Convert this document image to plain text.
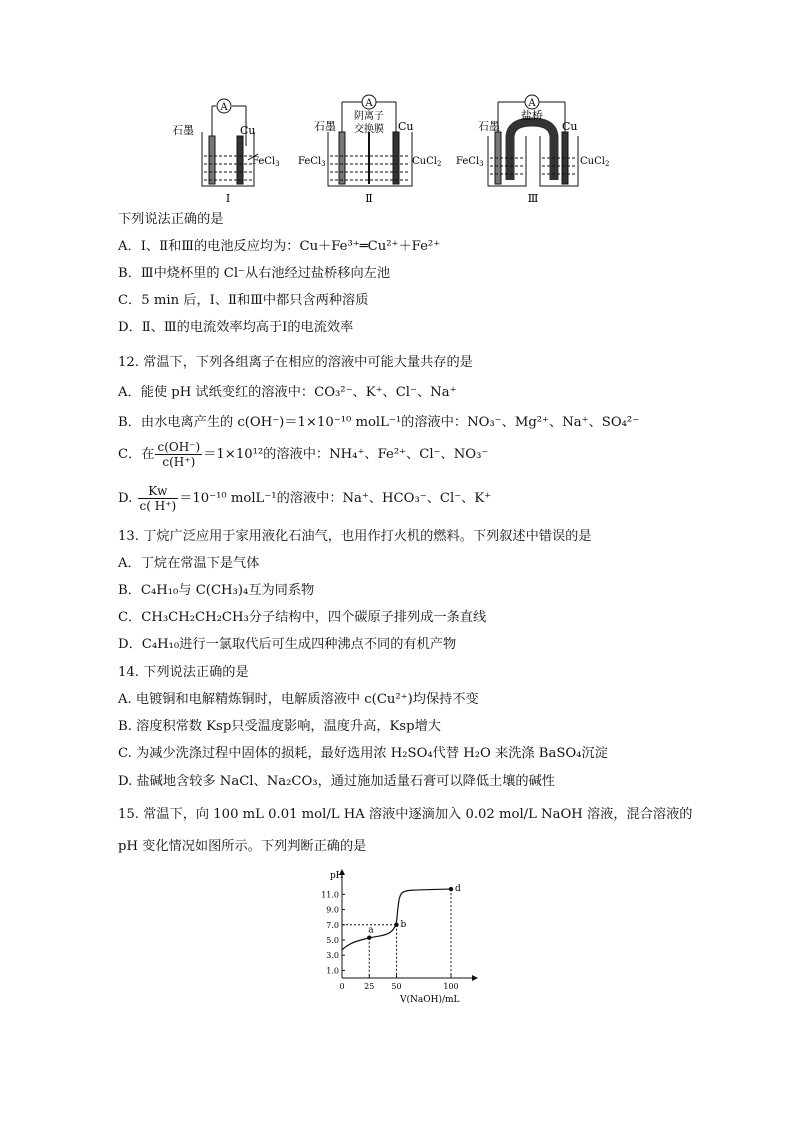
A
石墨	Cu
FeCl$_3$
Ⅰ
A
石墨
阴离子
交换膜 Cu
FeCl$_3$	CuCl$_2$
Ⅱ
A
石墨
盐桥
Cu
FeCl$_3$	CuCl$_2$
Ⅲ
下列说法正确的是
A．Ⅰ、Ⅱ和Ⅲ的电池反应均为：Cu＋Fe³⁺═Cu²⁺＋Fe²⁺
B．Ⅲ中烧杯里的 Cl⁻从右池经过盐桥移向左池
C．5 min 后，Ⅰ、Ⅱ和Ⅲ中都只含两种溶质
D．Ⅱ、Ⅲ的电流效率均高于Ⅰ的电流效率
12. 常温下，下列各组离子在相应的溶液中可能大量共存的是
A．能使 pH 试纸变红的溶液中：CO₃²⁻、K⁺、Cl⁻、Na⁺
B．由水电离产生的 c(OH⁻)＝1×10⁻¹⁰ molL⁻¹的溶液中：NO₃⁻、Mg²⁺、Na⁺、SO₄²⁻
C．在 $\frac{c(OH^-)}{c(H^+)} =1\times 10^{12}$的溶液中：NH₄⁺、Fe²⁺、Cl⁻、NO₃⁻
D. $\frac{Kw}{c( H^+)} =10^{-10}$ molL⁻¹的溶液中：Na⁺、HCO₃⁻、Cl⁻、K⁺
13. 丁烷广泛应用于家用液化石油气，也用作打火机的燃料。下列叙述中错误的是
A．丁烷在常温下是气体
B．C₄H₁₀与 C(CH₃)₄互为同系物
C．CH₃CH₂CH₂CH₃分子结构中，四个碳原子排列成一条直线
D．C₄H₁₀进行一氯取代后可生成四种沸点不同的有机产物
14. 下列说法正确的是
A. 电镀铜和电解精炼铜时，电解质溶液中 c(Cu²⁺)均保持不变
B. 溶度积常数 Ksp只受温度影响，温度升高，Ksp增大
C. 为减少洗涤过程中固体的损耗，最好选用浓 H₂SO₄代替 H₂O 来洗涤 BaSO₄沉淀
D. 盐碱地含较多 NaCl、Na₂CO₃，通过施加适量石膏可以降低土壤的碱性
15. 常温下，向 100 mL 0.01 mol/L HA 溶液中逐滴加入 0.02 mol/L NaOH 溶液，混合溶液的
pH 变化情况如图所示。下列判断正确的是
pH
V(NaOH)/mL
1.0
3.0
5.0
7.0
9.0
11.0
0 25 50	100
a
b
d
